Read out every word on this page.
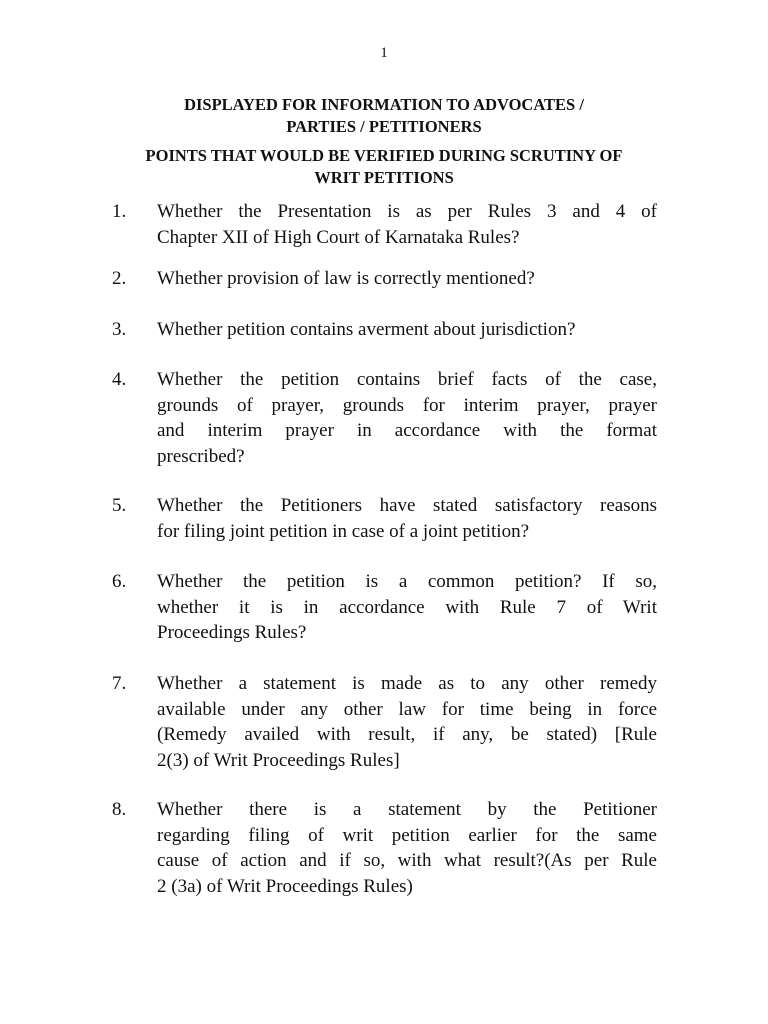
1
DISPLAYED FOR INFORMATION TO ADVOCATES /
PARTIES / PETITIONERS
POINTS THAT WOULD BE VERIFIED DURING SCRUTINY OF
WRIT PETITIONS
1.	Whether the Presentation is as per Rules 3 and 4 of
Chapter XII of High Court of Karnataka Rules?
2.	Whether provision of law is correctly mentioned?
3.	Whether petition contains averment about jurisdiction?
4.	Whether the petition contains brief facts of the case,
grounds of prayer, grounds for interim prayer, prayer
and interim prayer in accordance with the format
prescribed?
5.	Whether the Petitioners have stated satisfactory reasons
for filing joint petition in case of a joint petition?
6.	Whether the petition is a common petition? If so,
whether it is in accordance with Rule 7 of Writ
Proceedings Rules?
7.	Whether a statement is made as to any other remedy
available under any other law for time being in force
(Remedy availed with result, if any, be stated) [Rule
2(3) of Writ Proceedings Rules]
8.	Whether there is a statement by the Petitioner
regarding filing of writ petition earlier for the same
cause of action and if so, with what result?(As per Rule
2 (3a) of Writ Proceedings Rules)
